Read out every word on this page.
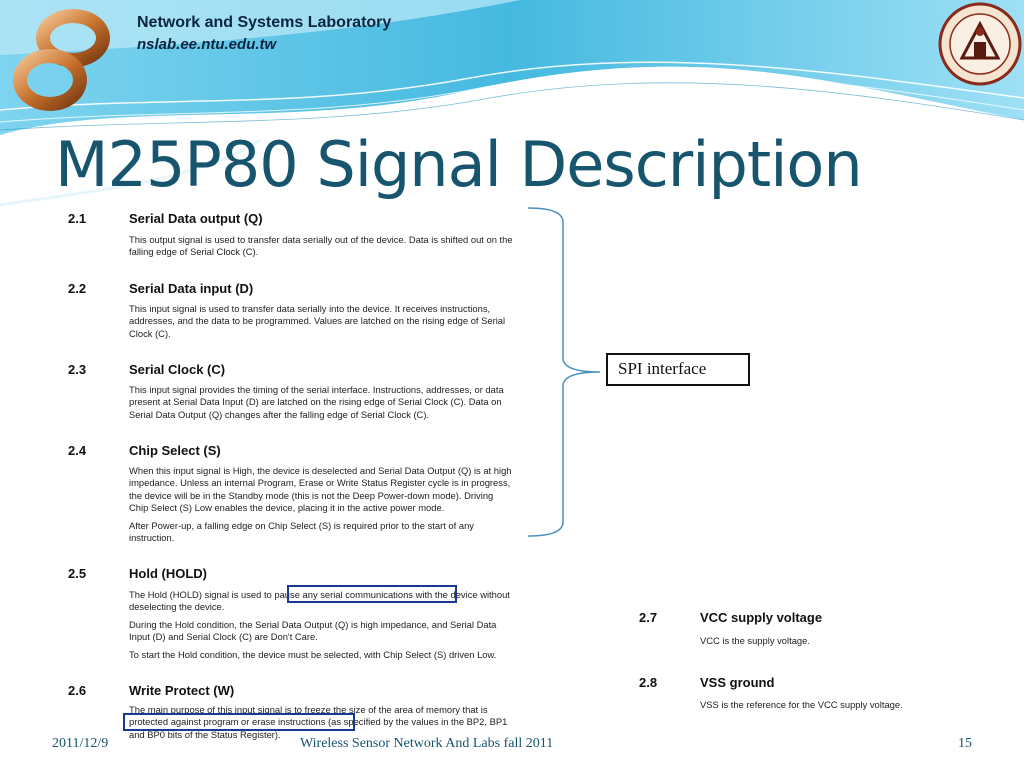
Network and Systems Laboratory
nslab.ee.ntu.edu.tw
M25P80 Signal Description
2.1	Serial Data output (Q)
This output signal is used to transfer data serially out of the device. Data is shifted out on the
falling edge of Serial Clock (C).
2.2	Serial Data input (D)
This input signal is used to transfer data serially into the device. It receives instructions,
addresses, and the data to be programmed. Values are latched on the rising edge of Serial
Clock (C).
2.3	Serial Clock (C)
This input signal provides the timing of the serial interface. Instructions, addresses, or data
present at Serial Data Input (D) are latched on the rising edge of Serial Clock (C). Data on
Serial Data Output (Q) changes after the falling edge of Serial Clock (C).
2.4	Chip Select (S)
When this input signal is High, the device is deselected and Serial Data Output (Q) is at high
impedance. Unless an internal Program, Erase or Write Status Register cycle is in progress,
the device will be in the Standby mode (this is not the Deep Power-down mode). Driving
Chip Select (S) Low enables the device, placing it in the active power mode.
After Power-up, a falling edge on Chip Select (S) is required prior to the start of any
instruction.
2.5	Hold (HOLD)
The Hold (HOLD) signal is used to pause any serial communications with the device without
deselecting the device.
During the Hold condition, the Serial Data Output (Q) is high impedance, and Serial Data
Input (D) and Serial Clock (C) are Don't Care.
To start the Hold condition, the device must be selected, with Chip Select (S) driven Low.
2.6	Write Protect (W)
The main purpose of this input signal is to freeze the size of the area of memory that is
protected against program or erase instructions (as specified by the values in the BP2, BP1
and BP0 bits of the Status Register).
2.7	VCC supply voltage
VCC is the supply voltage.
2.8	VSS ground
VSS is the reference for the VCC supply voltage.
SPI interface
2011/12/9	Wireless Sensor Network And Labs fall 2011	15
